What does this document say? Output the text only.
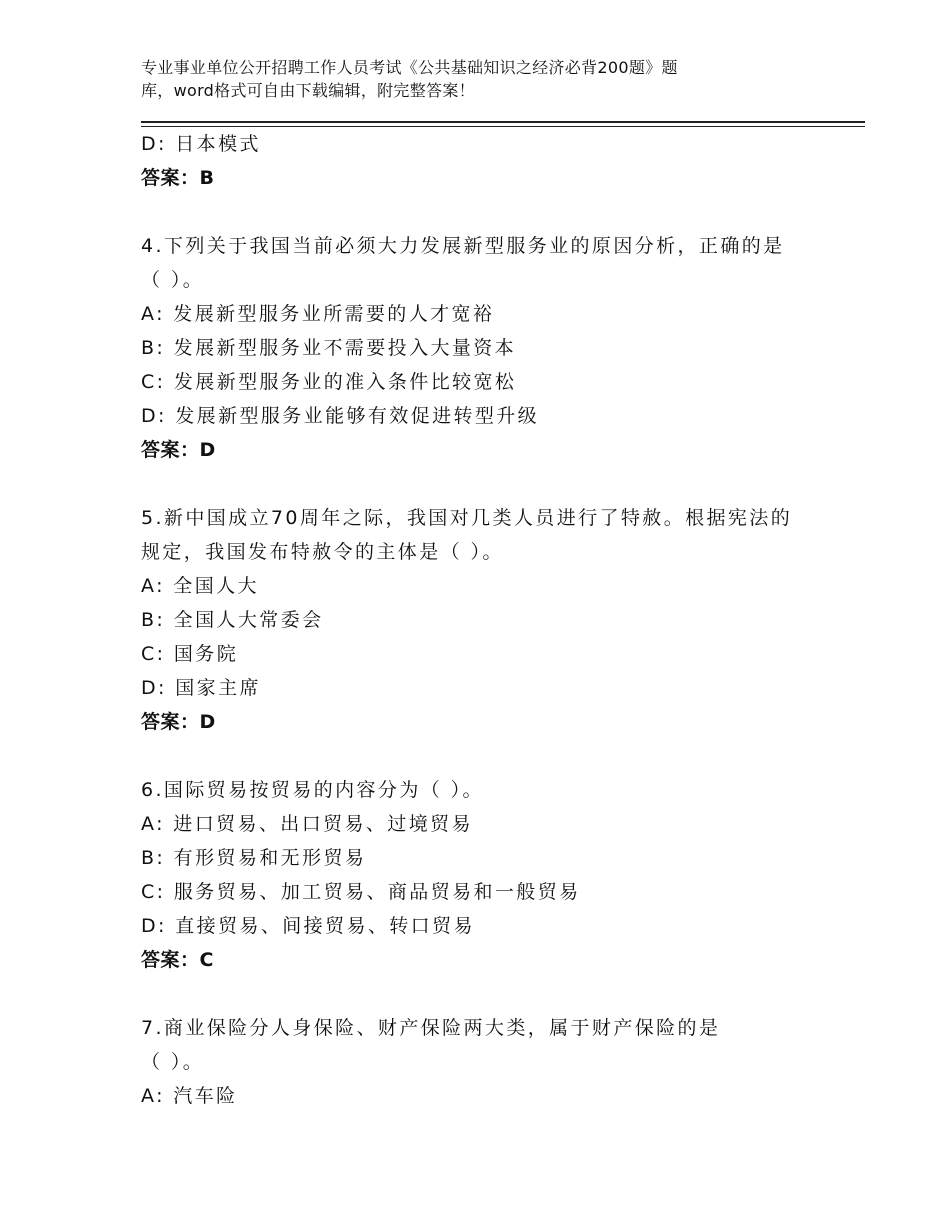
专业事业单位公开招聘工作人员考试《公共基础知识之经济必背200题》题
库，word格式可自由下载编辑，附完整答案！
D: 日本模式
答案：B
4.下列关于我国当前必须大力发展新型服务业的原因分析，正确的是
（ ）。
A: 发展新型服务业所需要的人才宽裕
B: 发展新型服务业不需要投入大量资本
C: 发展新型服务业的准入条件比较宽松
D: 发展新型服务业能够有效促进转型升级
答案：D
5.新中国成立70周年之际，我国对几类人员进行了特赦。根据宪法的
规定，我国发布特赦令的主体是（ ）。
A: 全国人大
B: 全国人大常委会
C: 国务院
D: 国家主席
答案：D
6.国际贸易按贸易的内容分为（ ）。
A: 进口贸易、出口贸易、过境贸易
B: 有形贸易和无形贸易
C: 服务贸易、加工贸易、商品贸易和一般贸易
D: 直接贸易、间接贸易、转口贸易
答案：C
7.商业保险分人身保险、财产保险两大类，属于财产保险的是
（ ）。
A: 汽车险
